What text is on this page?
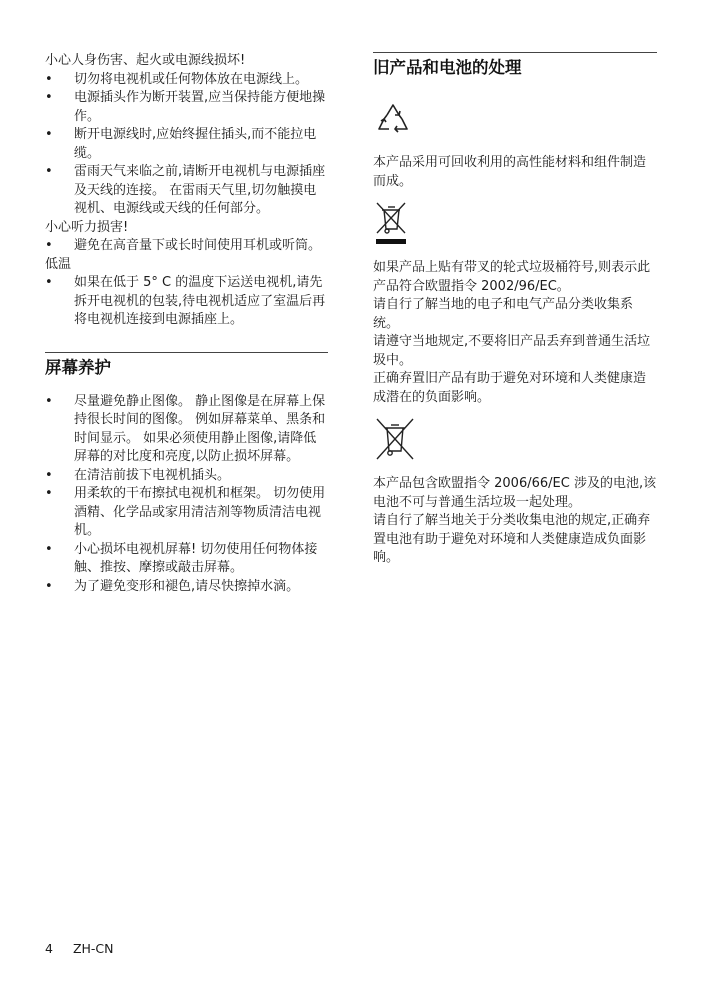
小心人身伤害、起火或电源线损坏!

• 切勿将电视机或任何物体放在电源线上。
• 电源插头作为断开装置,应当保持能方便地操作。
• 断开电源线时,应始终握住插头,而不能拉电缆。
• 雷雨天气来临之前,请断开电视机与电源插座及天线的连接。 在雷雨天气里,切勿触摸电视机、电源线或天线的任何部分。

小心听力损害!

• 避免在高音量下或长时间使用耳机或听筒。

低温

• 如果在低于 5° C 的温度下运送电视机,请先拆开电视机的包装,待电视机适应了室温后再将电视机连接到电源插座上。
屏幕养护
• 尽量避免静止图像。 静止图像是在屏幕上保持很长时间的图像。 例如屏幕菜单、黑条和时间显示。 如果必须使用静止图像,请降低屏幕的对比度和亮度,以防止损坏屏幕。
• 在清洁前拔下电视机插头。
• 用柔软的干布擦拭电视机和框架。 切勿使用酒精、化学品或家用清洁剂等物质清洁电视机。
• 小心损坏电视机屏幕! 切勿使用任何物体接触、推按、摩擦或敲击屏幕。
• 为了避免变形和褪色,请尽快擦掉水滴。
旧产品和电池的处理

本产品采用可回收利用的高性能材料和组件制造而成。

如果产品上贴有带叉的轮式垃圾桶符号,则表示此产品符合欧盟指令 2002/96/EC。

请自行了解当地的电子和电气产品分类收集系统。

请遵守当地规定,不要将旧产品丢弃到普通生活垃圾中。

正确弃置旧产品有助于避免对环境和人类健康造成潜在的负面影响。

本产品包含欧盟指令 2006/66/EC 涉及的电池,该电池不可与普通生活垃圾一起处理。

请自行了解当地关于分类收集电池的规定,正确弃置电池有助于避免对环境和人类健康造成负面影响。

4 ZH-CN
